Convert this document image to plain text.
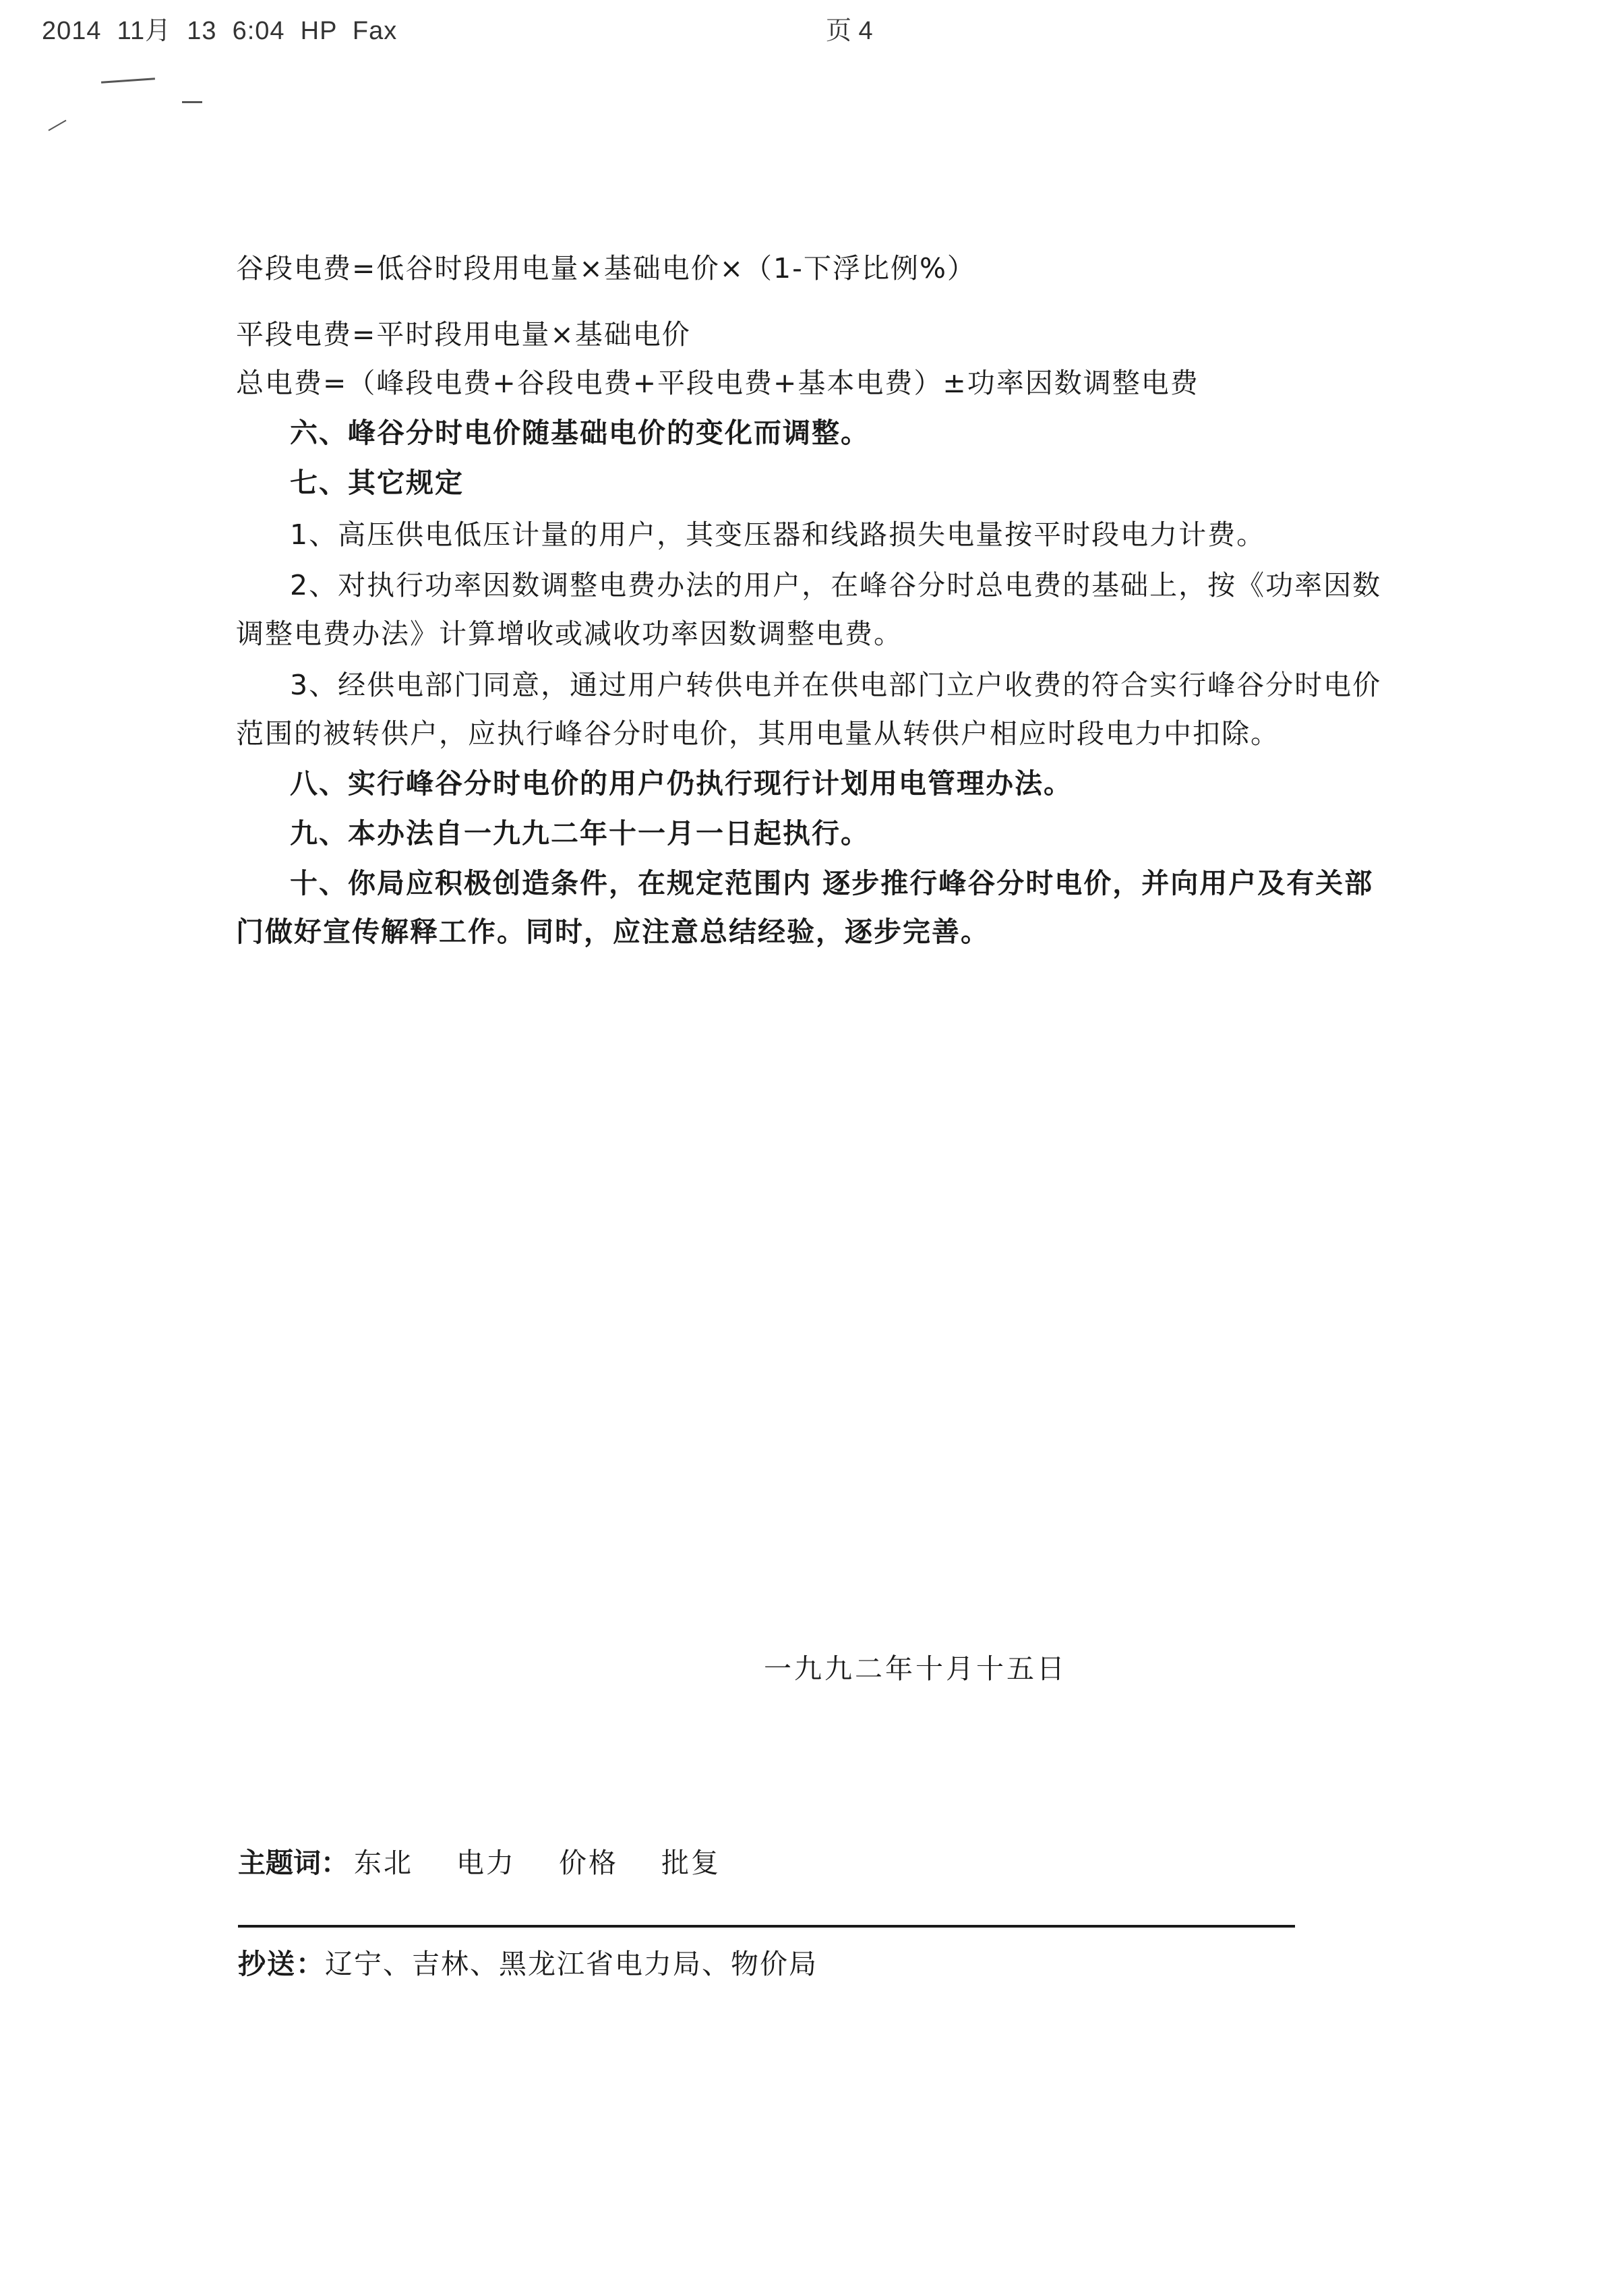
2014  11月  13  6:04  HP  Fax	页 4
谷段电费=低谷时段用电量×基础电价×（1-下浮比例%）
平段电费=平时段用电量×基础电价
总电费=（峰段电费+谷段电费+平段电费+基本电费）±功率因数调整电费
六、峰谷分时电价随基础电价的变化而调整。
七、其它规定
1、高压供电低压计量的用户，其变压器和线路损失电量按平时段电力计费。
2、对执行功率因数调整电费办法的用户，在峰谷分时总电费的基础上，按《功率因数
调整电费办法》计算增收或减收功率因数调整电费。
3、经供电部门同意，通过用户转供电并在供电部门立户收费的符合实行峰谷分时电价
范围的被转供户，应执行峰谷分时电价，其用电量从转供户相应时段电力中扣除。
八、实行峰谷分时电价的用户仍执行现行计划用电管理办法。
九、本办法自一九九二年十一月一日起执行。
十、你局应积极创造条件，在规定范围内 逐步推行峰谷分时电价，并向用户及有关部
门做好宣传解释工作。同时，应注意总结经验，逐步完善。
一九九二年十月十五日
主题词： 东北 电力 价格 批复
抄送：辽宁、吉林、黑龙江省电力局、物价局
